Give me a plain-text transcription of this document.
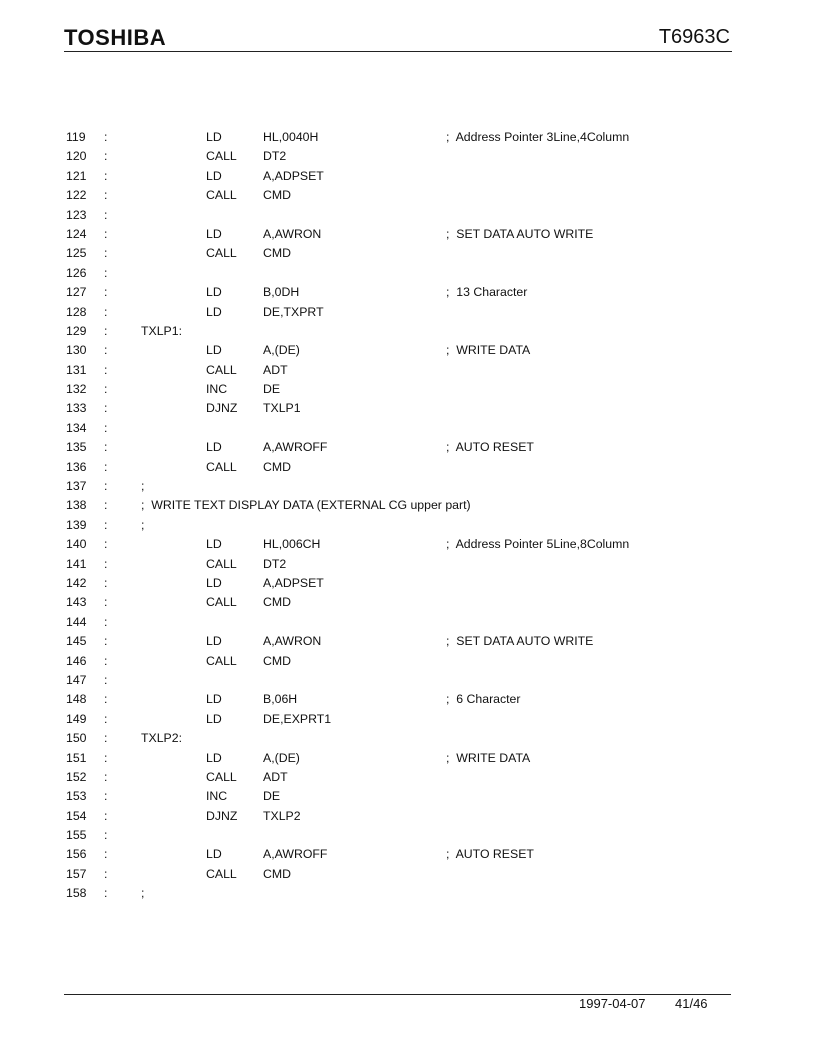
TOSHIBA	T6963C
119 :	LD	HL,0040H	;  Address Pointer 3Line,4Column
120 :	CALL DT2
121 :	LD	A,ADPSET
122 :	CALL CMD
123 :
124 :	LD	A,AWRON	;  SET DATA AUTO WRITE
125 :	CALL CMD
126 :
127 :	LD	B,0DH	;  13 Character
128 :	LD	DE,TXPRT
129 :	TXLP1:
130 :	LD	A,(DE)	;  WRITE DATA
131 :	CALL ADT
132 :	INC	DE
133 :	DJNZ TXLP1
134 :
135 :	LD	A,AWROFF	;  AUTO RESET
136 :	CALL CMD
137 :	;
138 :	;  WRITE TEXT DISPLAY DATA (EXTERNAL CG upper part)
139 :	;
140 :	LD	HL,006CH	;  Address Pointer 5Line,8Column
141 :	CALL DT2
142 :	LD	A,ADPSET
143 :	CALL CMD
144 :
145 :	LD	A,AWRON	;  SET DATA AUTO WRITE
146 :	CALL CMD
147 :
148 :	LD	B,06H	;  6 Character
149 :	LD	DE,EXPRT1
150 :	TXLP2:
151 :	LD	A,(DE)	;  WRITE DATA
152 :	CALL ADT
153 :	INC	DE
154 :	DJNZ TXLP2
155 :
156 :	LD	A,AWROFF	;  AUTO RESET
157 :	CALL CMD
158 :	;
1997-04-07 41/46
